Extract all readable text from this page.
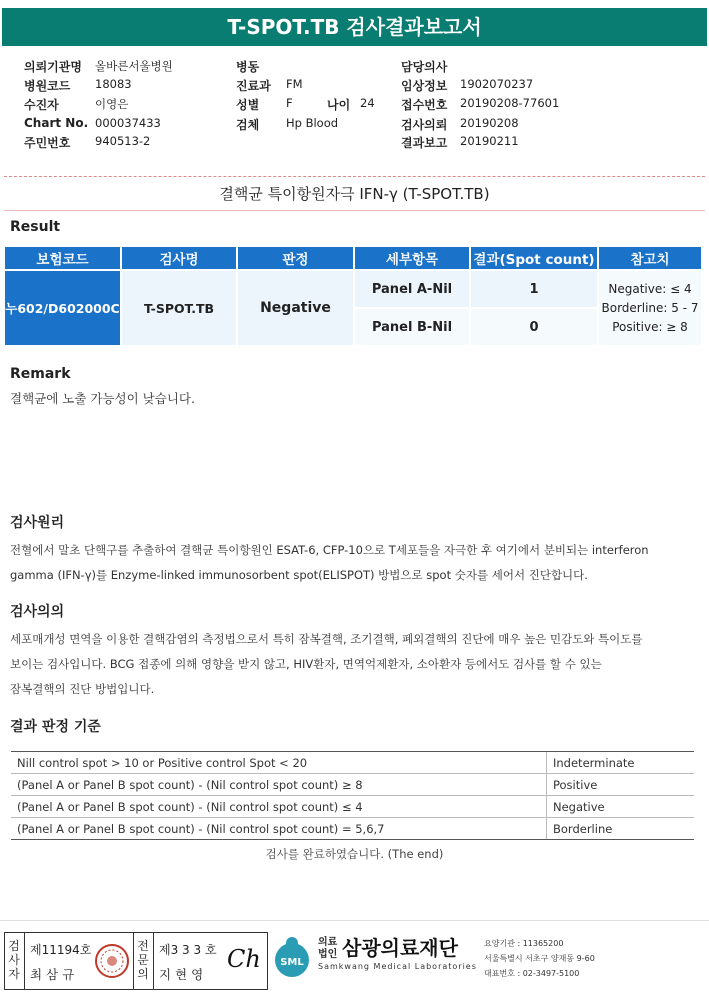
T-SPOT.TB 검사결과보고서
의뢰기관명 올바른서울병원
병원코드 18083
수진자	이영은
Chart No. 000037433
주민번호 940513-2
병동
진료과 FM
성별 F
검체 Hp Blood
나이 24
담당의사
임상정보 1902070237
접수번호 20190208-77601
검사의뢰 20190208
결과보고 20190211
결핵균 특이항원자극 IFN-γ (T-SPOT.TB)
Result
보험코드	검사명	판정	세부항목	결과(Spot count)	참고치
누602/D602000C	T-SPOT.TB	Negative	Panel A-Nil	1	Negative: ≤ 4
Borderline: 5 - 7
Positive: ≥ 8

			Panel B-Nil	0	
Remark
결핵균에 노출 가능성이 낮습니다.
검사원리
전혈에서 말초 단핵구를 추출하여 결핵균 특이항원인 ESAT-6, CFP-10으로 T세포들을 자극한 후 여기에서 분비되는 interferon
gamma (IFN-γ)를 Enzyme-linked immunosorbent spot(ELISPOT) 방법으로 spot 숫자를 세어서 진단합니다.
검사의의
세포매개성 면역을 이용한 결핵감염의 측정법으로서 특히 잠복결핵, 조기결핵, 폐외결핵의 진단에 매우 높은 민감도와 특이도를
보이는 검사입니다. BCG 접종에 의해 영향을 받지 않고, HIV환자, 면역억제환자, 소아환자 등에서도 검사를 할 수 있는
잠복결핵의 진단 방법입니다.
결과 판정 기준
Nill control spot > 10 or Positive control Spot < 20	Indeterminate
(Panel A or Panel B spot count) - (Nil control spot count) ≥ 8	Positive
(Panel A or Panel B spot count) - (Nil control spot count) ≤ 4	Negative
(Panel A or Panel B spot count) - (Nil control spot count) = 5,6,7	Borderline
검사를 완료하였습니다. (The end)
검사자
제11194호
최 삼 규
전문의
제3 3 3 호
지 현 영
Ch SML
의료
법인 삼광의료재단
Samkwang Medical Laboratories
요양기관 : 11365200
서울특별시 서초구 양재동 9-60
대표번호 : 02-3497-5100
